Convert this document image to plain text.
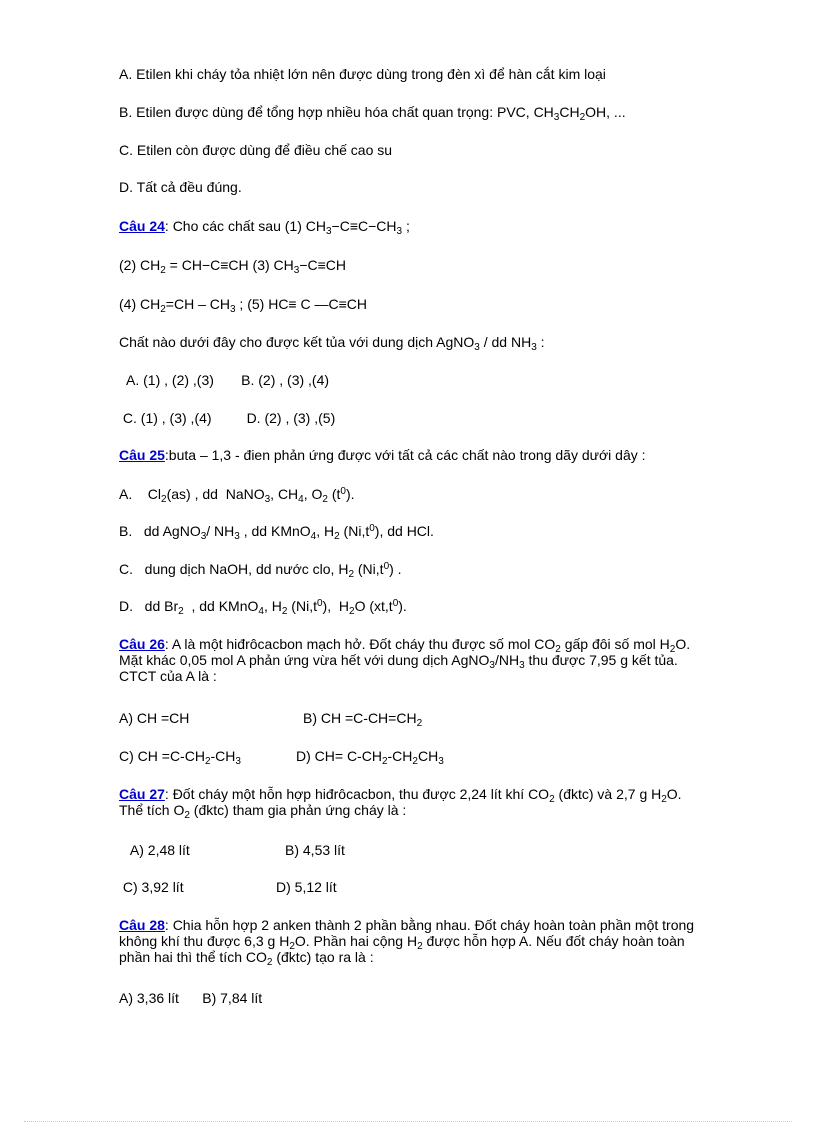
A. Etilen khi cháy tỏa nhiệt lớn nên được dùng trong đèn xì để hàn cắt kim loại
B. Etilen được dùng để tổng hợp nhiều hóa chất quan trọng: PVC, $CH_3CH_2OH$, ...
C. Etilen còn được dùng để điều chế cao su
D. Tất cả đều đúng.
Câu 24: Cho các chất sau (1) $CH_3-C\equiv C-CH_3$ ;
(2) $CH_2 = CH-C\equiv CH$ (3) $CH_3-C\equiv CH$
(4) $CH_2=CH - CH_3$ ; (5) HC≡ C —C≡CH
Chất nào dưới đây cho được kết tủa với dung dịch AgNO$_3$ / dd $NH_3$ :
A. (1) , (2) ,(3)       B. (2) , (3) ,(4)
C. (1) , (3) ,(4)         D. (2) , (3) ,(5)
Câu 25:buta – 1,3 - đien phản ứng được với tất cả các chất nào trong dãy dưới dây :
A.    $Cl_2(as)$ , dd  NaNO$_3$, $CH_4$, $O_2$ $(t^0)$.
B.   dd AgNO$_3$/ $NH_3$ , dd KMnO$_4$, $H_2$ $(Ni,t^0)$, dd HCl.
C.   dung dịch NaOH, dd nước clo, $H_2$ $(Ni,t^0)$ .
D.   dd $Br_2$  , dd KMnO$_4$, $H_2$ $(Ni,t^0)$,  $H_2O$ $(xt,t^0)$.
Câu 26: A là một hiđrôcacbon mạch hở. Đốt cháy thu được số mol $CO_2$ gấp đôi số mol $H_2O$. Mặt khác 0,05 mol A phản ứng vừa hết với dung dịch $AgNO_3/NH_3$ thu được 7,95 g kết tủa. CTCT của A là :
A) CH =CH	B) CH $=C-CH=CH_2$
C) CH $=C-CH_2-CH_3$	D) $CH= C-CH_2-CH_2CH_3$
Câu 27: Đốt cháy một hỗn hợp hiđrôcacbon, thu được 2,24 lít khí $CO_2$ (đktc) và 2,7 g $H_2O$. Thể tích $O_2$ (đktc) tham gia phản ứng cháy là :
A) 2,48 lít	B) 4,53 lít
C) 3,92 lít	D) 5,12 lít
Câu 28: Chia hỗn hợp 2 anken thành 2 phần bằng nhau. Đốt cháy hoàn toàn phần một trong không khí thu được 6,3 g $H_2O$. Phần hai cộng $H_2$ được hỗn hợp A. Nếu đốt cháy hoàn toàn phần hai thì thể tích $CO_2$ (đktc) tạo ra là :
A) 3,36 lít      B) 7,84 lít
